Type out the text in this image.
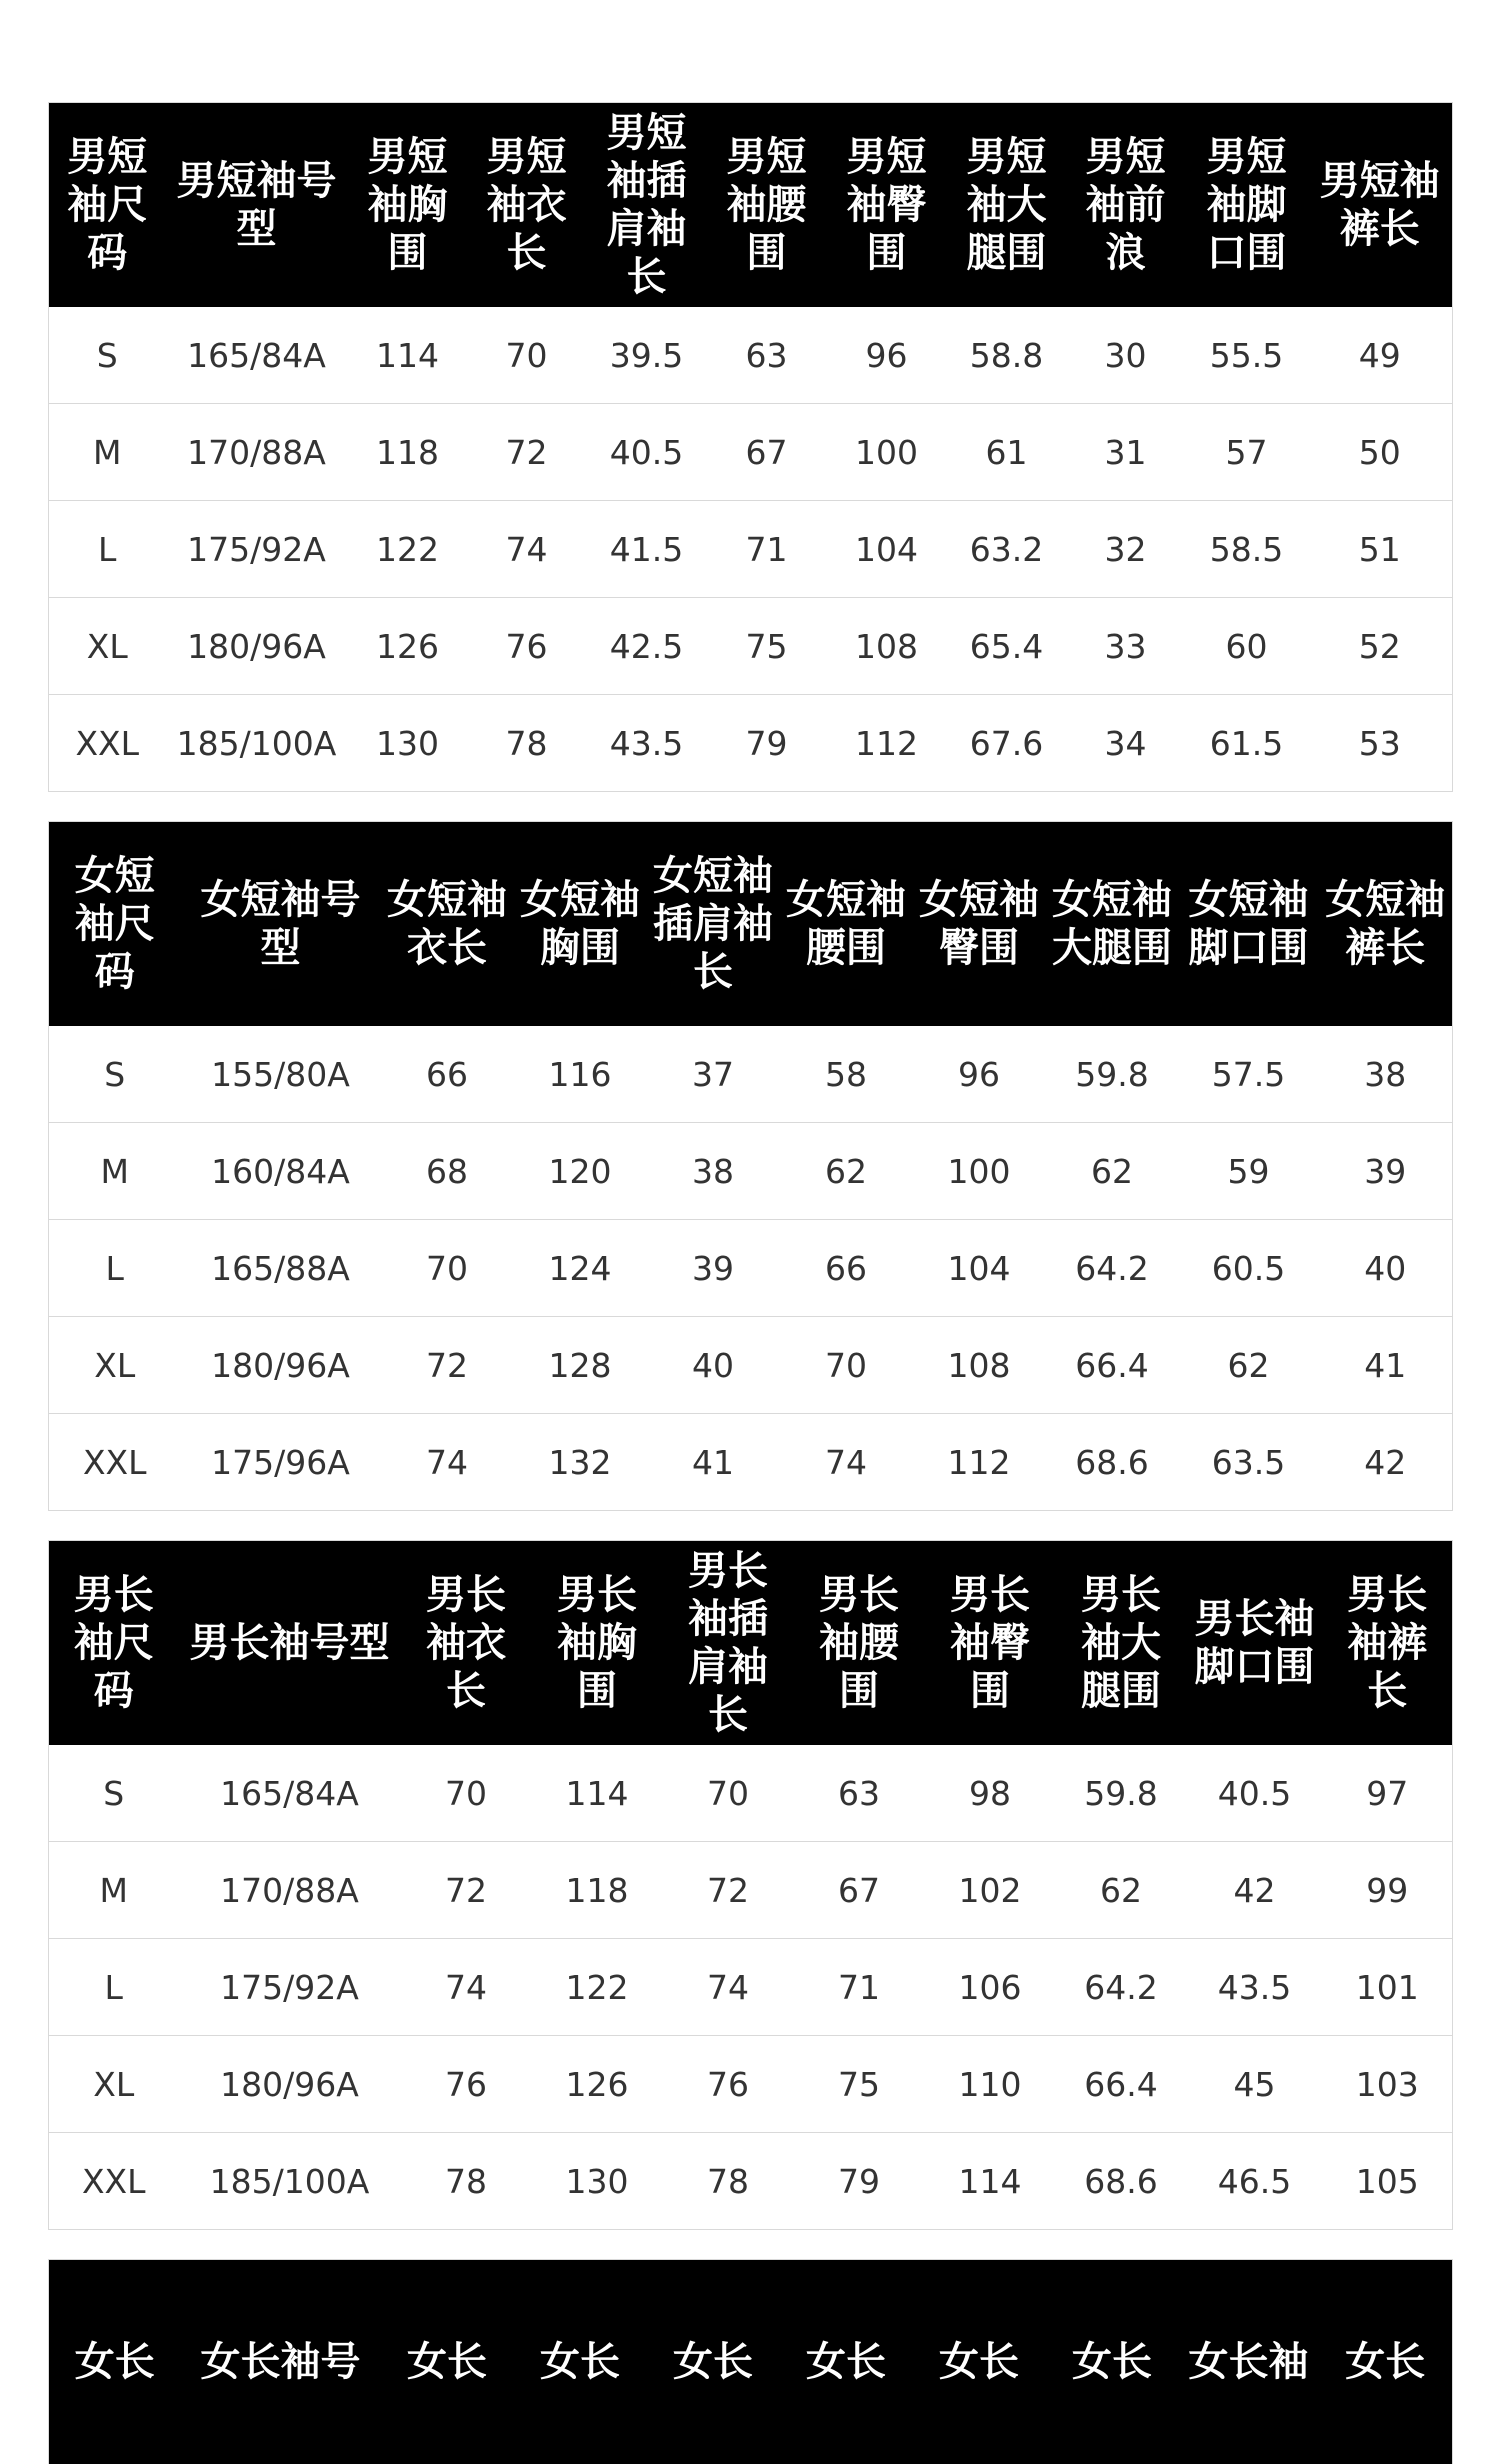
男短袖尺码	男短袖号型	男短袖胸围	男短袖衣长	男短袖插肩袖长	男短袖腰围	男短袖臀围	男短袖大腿围	男短袖前浪	男短袖脚口围	男短袖裤长
S	165/84A	114	70	39.5	63	96	58.8	30	55.5	49
M	170/88A	118	72	40.5	67	100	61	31	57	50
L	175/92A	122	74	41.5	71	104	63.2	32	58.5	51
XL	180/96A	126	76	42.5	75	108	65.4	33	60	52
XXL	185/100A	130	78	43.5	79	112	67.6	34	61.5	53
女短袖尺码	女短袖号型	女短袖衣长	女短袖胸围	女短袖插肩袖长	女短袖腰围	女短袖臀围	女短袖大腿围	女短袖脚口围	女短袖裤长
S	155/80A	66	116	37	58	96	59.8	57.5	38
M	160/84A	68	120	38	62	100	62	59	39
L	165/88A	70	124	39	66	104	64.2	60.5	40
XL	180/96A	72	128	40	70	108	66.4	62	41
XXL	175/96A	74	132	41	74	112	68.6	63.5	42
男长袖尺码	男长袖号型	男长袖衣长	男长袖胸围	男长袖插肩袖长	男长袖腰围	男长袖臀围	男长袖大腿围	男长袖脚口围	男长袖裤长
S	165/84A	70	114	70	63	98	59.8	40.5	97
M	170/88A	72	118	72	67	102	62	42	99
L	175/92A	74	122	74	71	106	64.2	43.5	101
XL	180/96A	76	126	76	75	110	66.4	45	103
XXL	185/100A	78	130	78	79	114	68.6	46.5	105
女长	女长袖号	女长	女长	女长	女长	女长	女长	女长袖	女长
